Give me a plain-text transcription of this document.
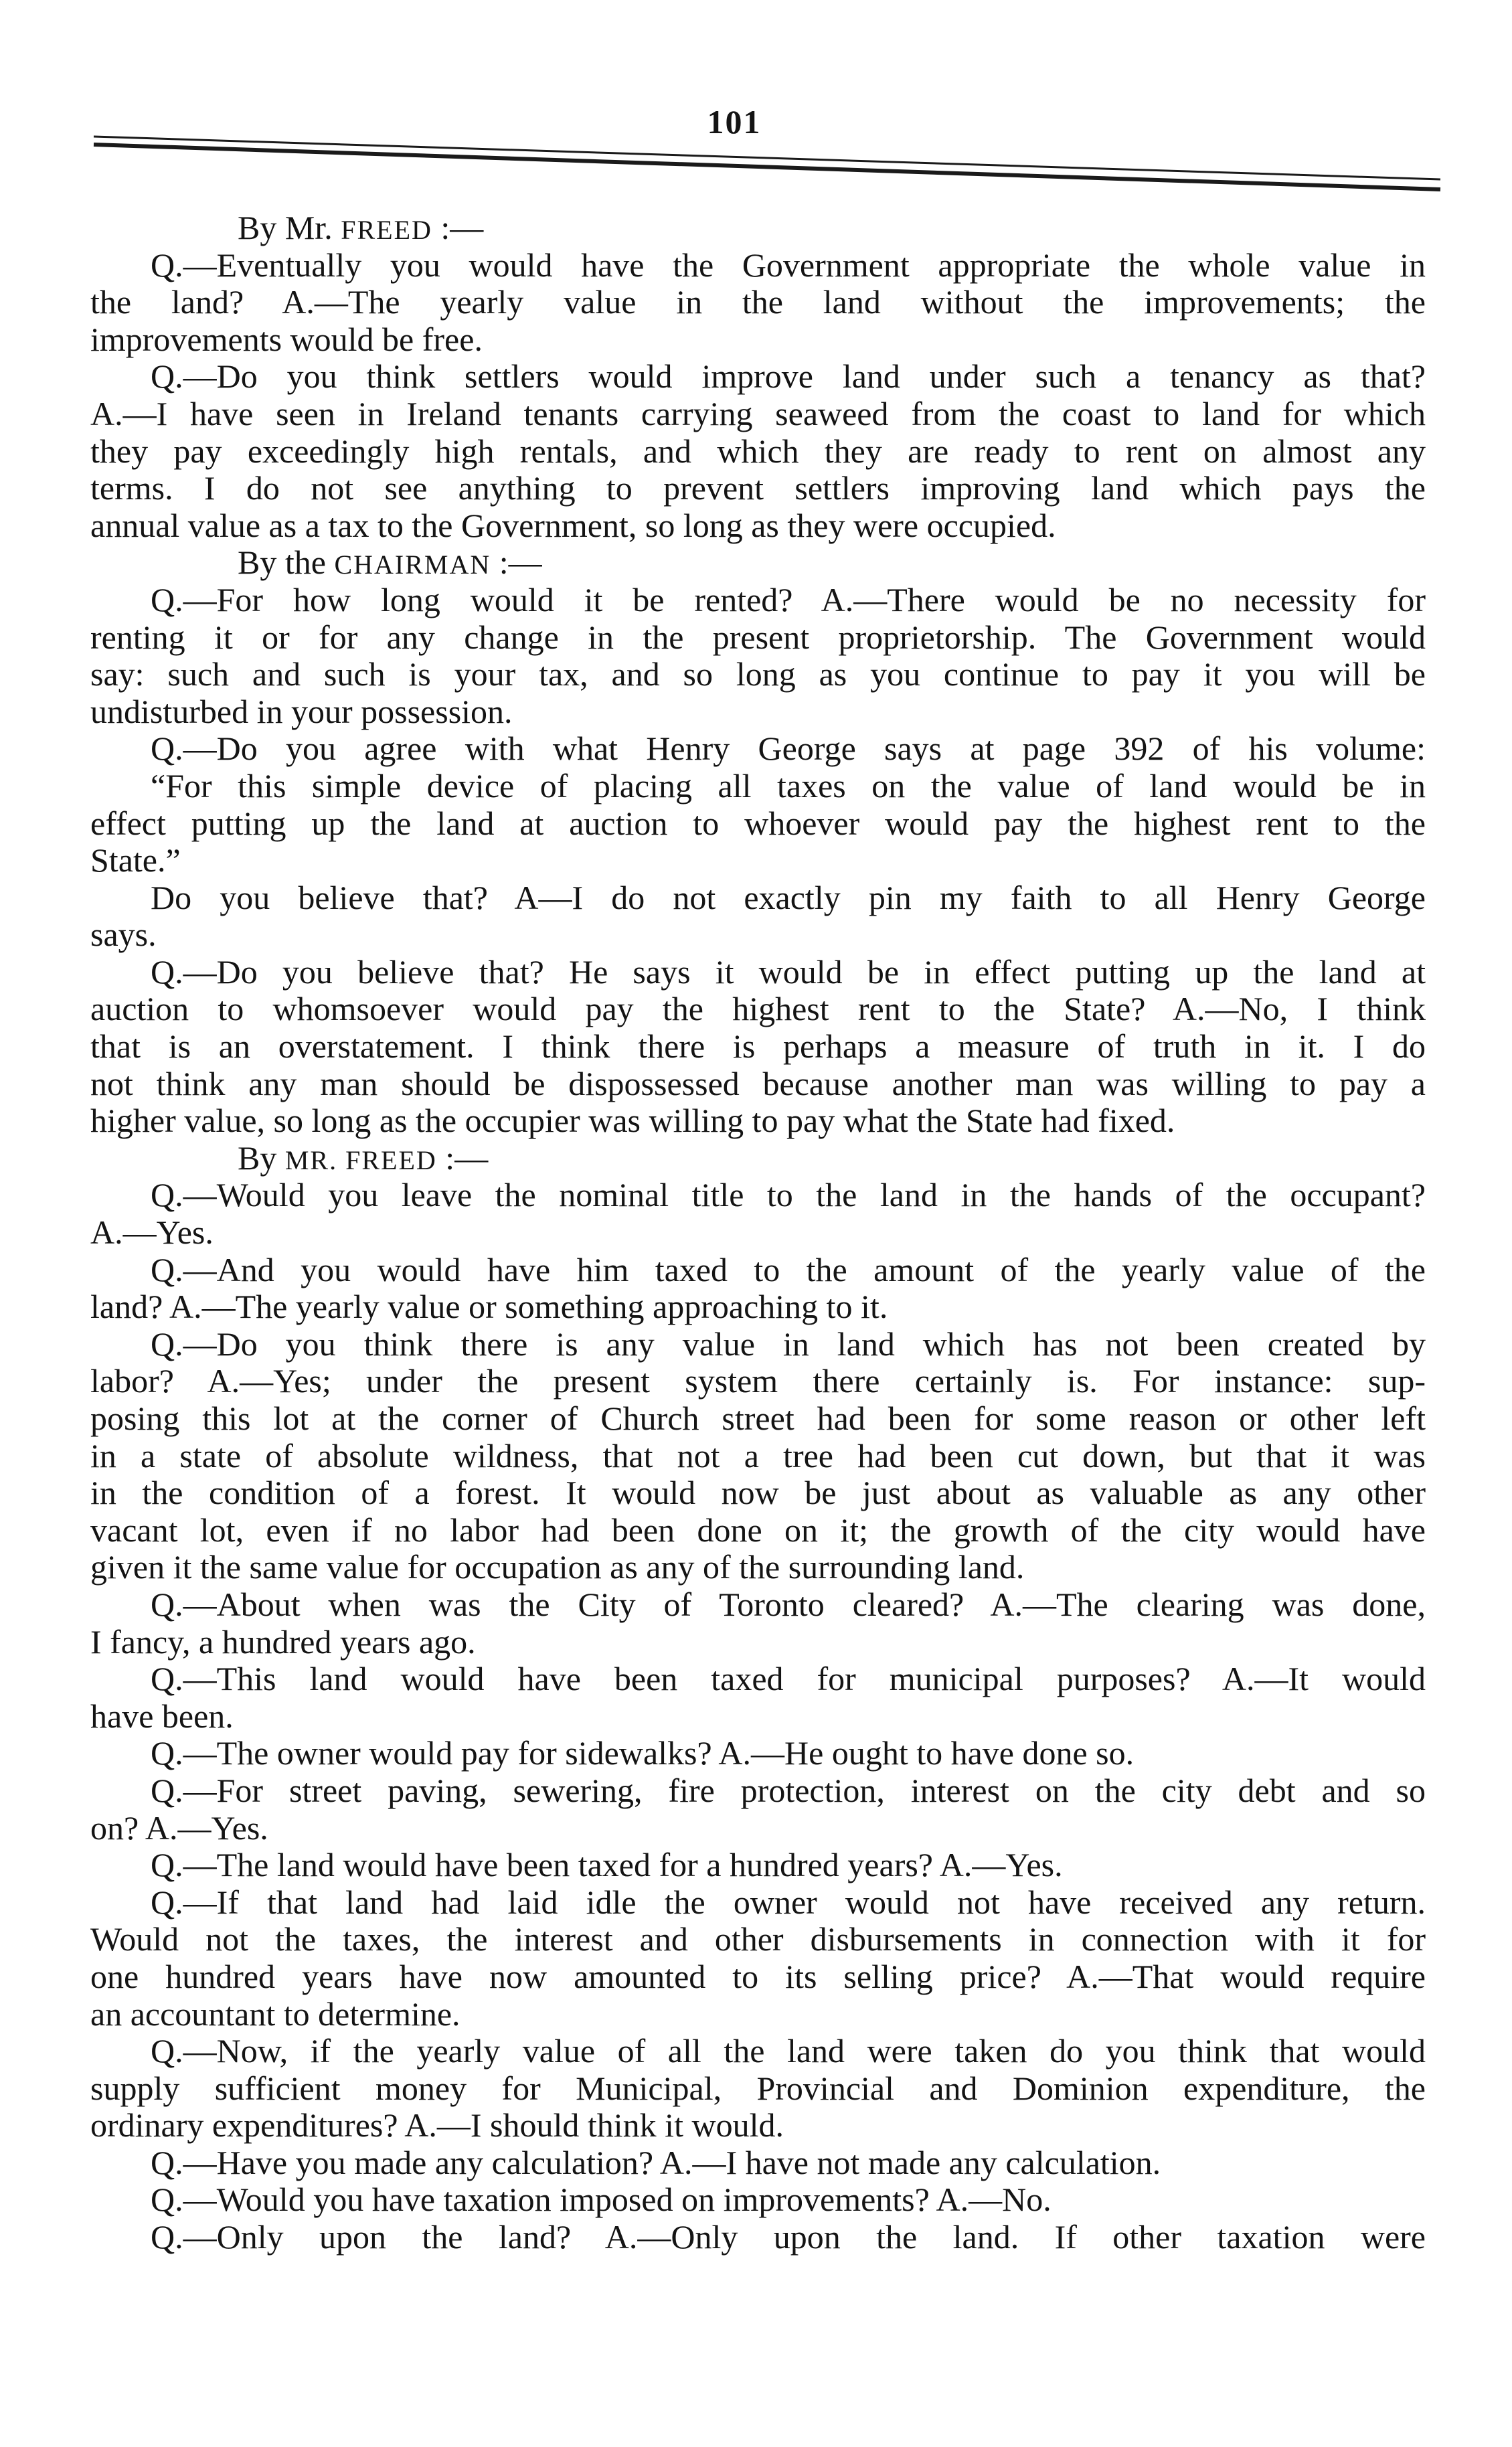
101
By Mr. FREED :—
Q.—Eventually you would have the Government appropriate the whole value in
the land? A.—The yearly value in the land without the improvements; the
improvements would be free.
Q.—Do you think settlers would improve land under such a tenancy as that?
A.—I have seen in Ireland tenants carrying seaweed from the coast to land for which
they pay exceedingly high rentals, and which they are ready to rent on almost any
terms. I do not see anything to prevent settlers improving land which pays the
annual value as a tax to the Government, so long as they were occupied.
By the CHAIRMAN :—
Q.—For how long would it be rented? A.—There would be no necessity for
renting it or for any change in the present proprietorship. The Government would
say: such and such is your tax, and so long as you continue to pay it you will be
undisturbed in your possession.
Q.—Do you agree with what Henry George says at page 392 of his volume:
“For this simple device of placing all taxes on the value of land would be in
effect putting up the land at auction to whoever would pay the highest rent to the
State.”
Do you believe that? A—I do not exactly pin my faith to all Henry George
says.
Q.—Do you believe that? He says it would be in effect putting up the land at
auction to whomsoever would pay the highest rent to the State? A.—No, I think
that is an overstatement. I think there is perhaps a measure of truth in it. I do
not think any man should be dispossessed because another man was willing to pay a
higher value, so long as the occupier was willing to pay what the State had fixed.
By MR. FREED :—
Q.—Would you leave the nominal title to the land in the hands of the occupant?
A.—Yes.
Q.—And you would have him taxed to the amount of the yearly value of the
land? A.—The yearly value or something approaching to it.
Q.—Do you think there is any value in land which has not been created by
labor? A.—Yes; under the present system there certainly is. For instance: sup-
posing this lot at the corner of Church street had been for some reason or other left
in a state of absolute wildness, that not a tree had been cut down, but that it was
in the condition of a forest. It would now be just about as valuable as any other
vacant lot, even if no labor had been done on it; the growth of the city would have
given it the same value for occupation as any of the surrounding land.
Q.—About when was the City of Toronto cleared? A.—The clearing was done,
I fancy, a hundred years ago.
Q.—This land would have been taxed for municipal purposes? A.—It would
have been.
Q.—The owner would pay for sidewalks? A.—He ought to have done so.
Q.—For street paving, sewering, fire protection, interest on the city debt and so
on? A.—Yes.
Q.—The land would have been taxed for a hundred years? A.—Yes.
Q.—If that land had laid idle the owner would not have received any return.
Would not the taxes, the interest and other disbursements in connection with it for
one hundred years have now amounted to its selling price? A.—That would require
an accountant to determine.
Q.—Now, if the yearly value of all the land were taken do you think that would
supply sufficient money for Municipal, Provincial and Dominion expenditure, the
ordinary expenditures? A.—I should think it would.
Q.—Have you made any calculation? A.—I have not made any calculation.
Q.—Would you have taxation imposed on improvements? A.—No.
Q.—Only upon the land? A.—Only upon the land. If other taxation were
